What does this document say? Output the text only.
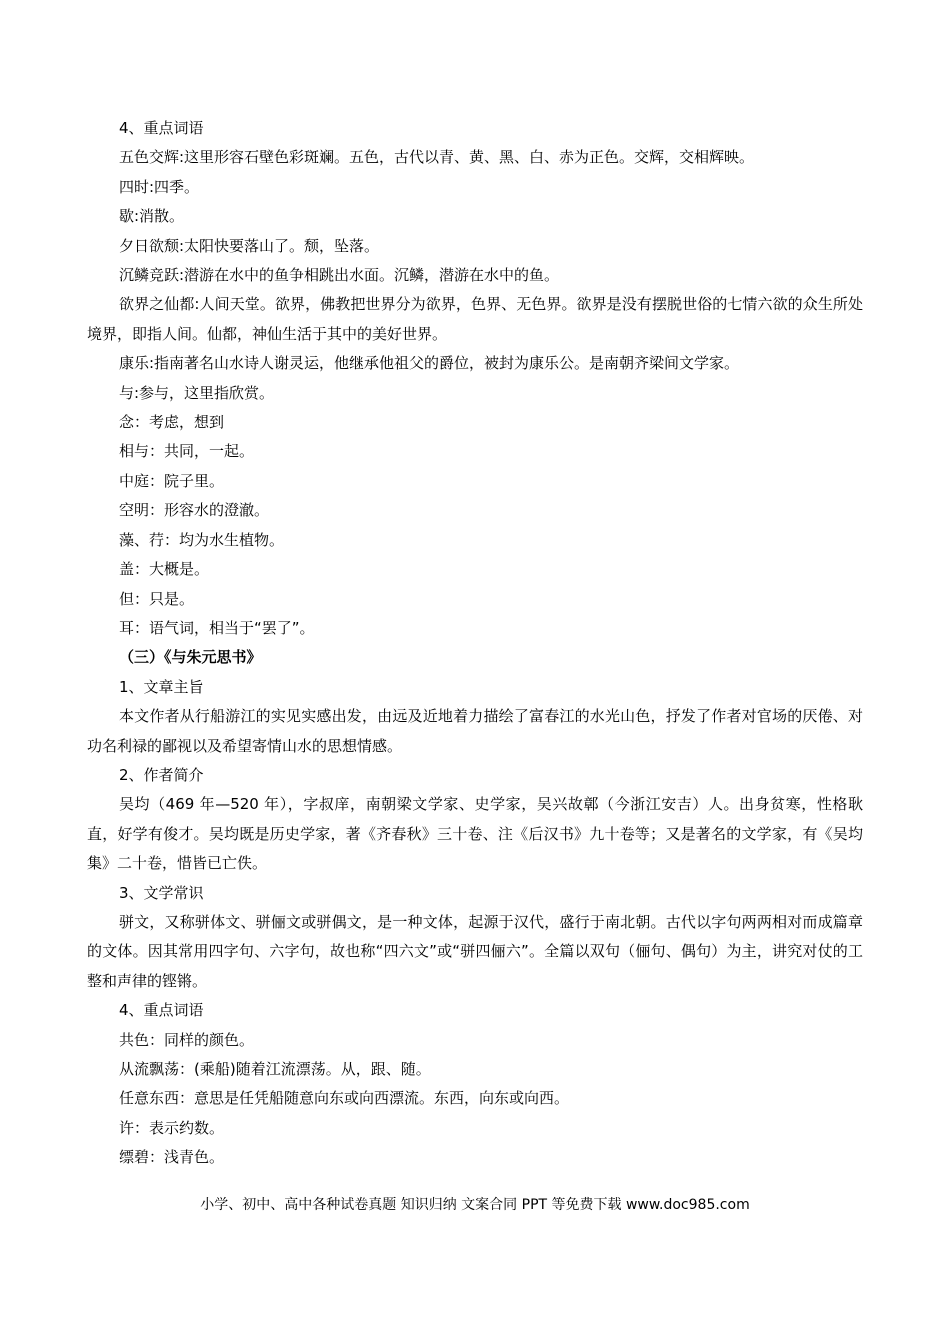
4、重点词语

五色交辉:这里形容石壁色彩斑斓。五色，古代以青、黄、黑、白、赤为正色。交辉，交相辉映。

四时:四季。

歇:消散。

夕日欲颓:太阳快要落山了。颓，坠落。

沉鳞竞跃:潜游在水中的鱼争相跳出水面。沉鳞，潜游在水中的鱼。

欲界之仙都:人间天堂。欲界，佛教把世界分为欲界，色界、无色界。欲界是没有摆脱世俗的七情六欲的众生所处境界，即指人间。仙都，神仙生活于其中的美好世界。

康乐:指南著名山水诗人谢灵运，他继承他祖父的爵位，被封为康乐公。是南朝齐梁间文学家。

与:参与，这里指欣赏。

念：考虑，想到

相与：共同，一起。

中庭：院子里。

空明：形容水的澄澈。

藻、荇：均为水生植物。

盖：大概是。

但：只是。

耳：语气词，相当于“罢了”。

（三）《与朱元思书》

1、文章主旨

本文作者从行船游江的实见实感出发，由远及近地着力描绘了富春江的水光山色，抒发了作者对官场的厌倦、对功名利禄的鄙视以及希望寄情山水的思想情感。

2、作者简介

吴均（469 年—520 年），字叔庠，南朝梁文学家、史学家，吴兴故鄣（今浙江安吉）人。出身贫寒，性格耿直，好学有俊才。吴均既是历史学家，著《齐春秋》三十卷、注《后汉书》九十卷等；又是著名的文学家，有《吴均集》二十卷，惜皆已亡佚。

3、文学常识

骈文，又称骈体文、骈俪文或骈偶文，是一种文体，起源于汉代，盛行于南北朝。古代以字句两两相对而成篇章的文体。因其常用四字句、六字句，故也称“四六文”或“骈四俪六”。全篇以双句（俪句、偶句）为主，讲究对仗的工整和声律的铿锵。

4、重点词语

共色：同样的颜色。

从流飘荡：(乘船)随着江流漂荡。从，跟、随。

任意东西：意思是任凭船随意向东或向西漂流。东西，向东或向西。

许：表示约数。

缥碧：浅青色。

小学、初中、高中各种试卷真题 知识归纳 文案合同 PPT 等免费下载 www.doc985.com
